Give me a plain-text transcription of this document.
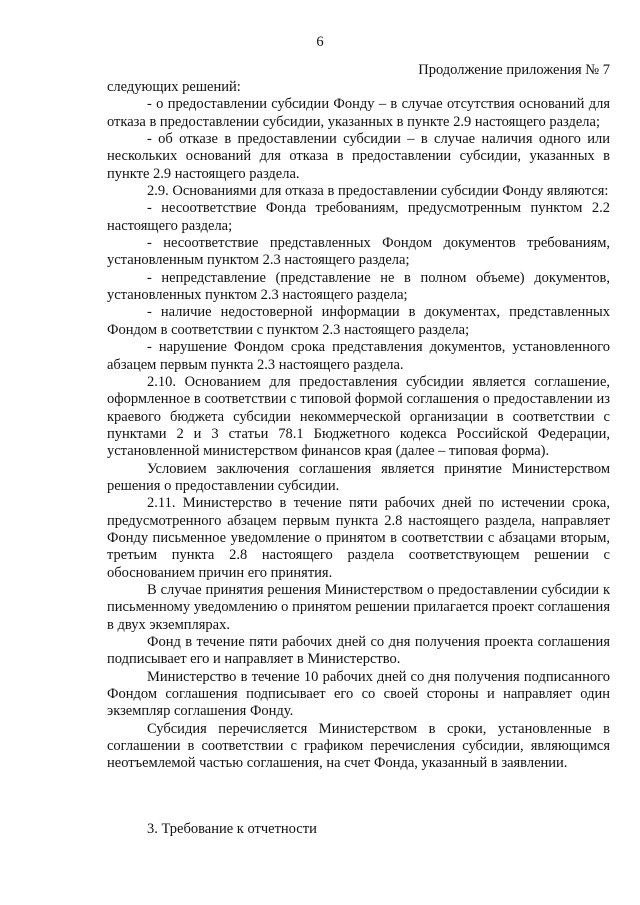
6
Продолжение приложения № 7

следующих решений:

- о предоставлении субсидии Фонду – в случае отсутствия оснований для отказа в предоставлении субсидии, указанных в пункте 2.9 настоящего раздела;

- об отказе в предоставлении субсидии – в случае наличия одного или нескольких оснований для отказа в предоставлении субсидии, указанных в пункте 2.9 настоящего раздела.

2.9. Основаниями для отказа в предоставлении субсидии Фонду являются:

- несоответствие Фонда требованиям, предусмотренным пунктом 2.2 настоящего раздела;

- несоответствие представленных Фондом документов требованиям, установленным пунктом 2.3 настоящего раздела;

- непредставление (представление не в полном объеме) документов, установленных пунктом 2.3 настоящего раздела;

- наличие недостоверной информации в документах, представленных Фондом в соответствии с пунктом 2.3 настоящего раздела;

- нарушение Фондом срока представления документов, установленного абзацем первым пункта 2.3 настоящего раздела.

2.10. Основанием для предоставления субсидии является соглашение, оформленное в соответствии с типовой формой соглашения о предоставлении из краевого бюджета субсидии некоммерческой организации в соответствии с пунктами 2 и 3 статьи 78.1 Бюджетного кодекса Российской Федерации, установленной министерством финансов края (далее – типовая форма).

Условием заключения соглашения является принятие Министерством решения о предоставлении субсидии.

2.11. Министерство в течение пяти рабочих дней по истечении срока, предусмотренного абзацем первым пункта 2.8 настоящего раздела, направляет Фонду письменное уведомление о принятом в соответствии с абзацами вторым, третьим пункта 2.8 настоящего раздела соответствующем решении с обоснованием причин его принятия.

В случае принятия решения Министерством о предоставлении субсидии к письменному уведомлению о принятом решении прилагается проект соглашения в двух экземплярах.

Фонд в течение пяти рабочих дней со дня получения проекта соглашения подписывает его и направляет в Министерство.

Министерство в течение 10 рабочих дней со дня получения подписанного Фондом соглашения подписывает его со своей стороны и направляет один экземпляр соглашения Фонду.

Субсидия перечисляется Министерством в сроки, установленные в соглашении в соответствии с графиком перечисления субсидии, являющимся неотъемлемой частью соглашения, на счет Фонда, указанный в заявлении.

3. Требование к отчетности
